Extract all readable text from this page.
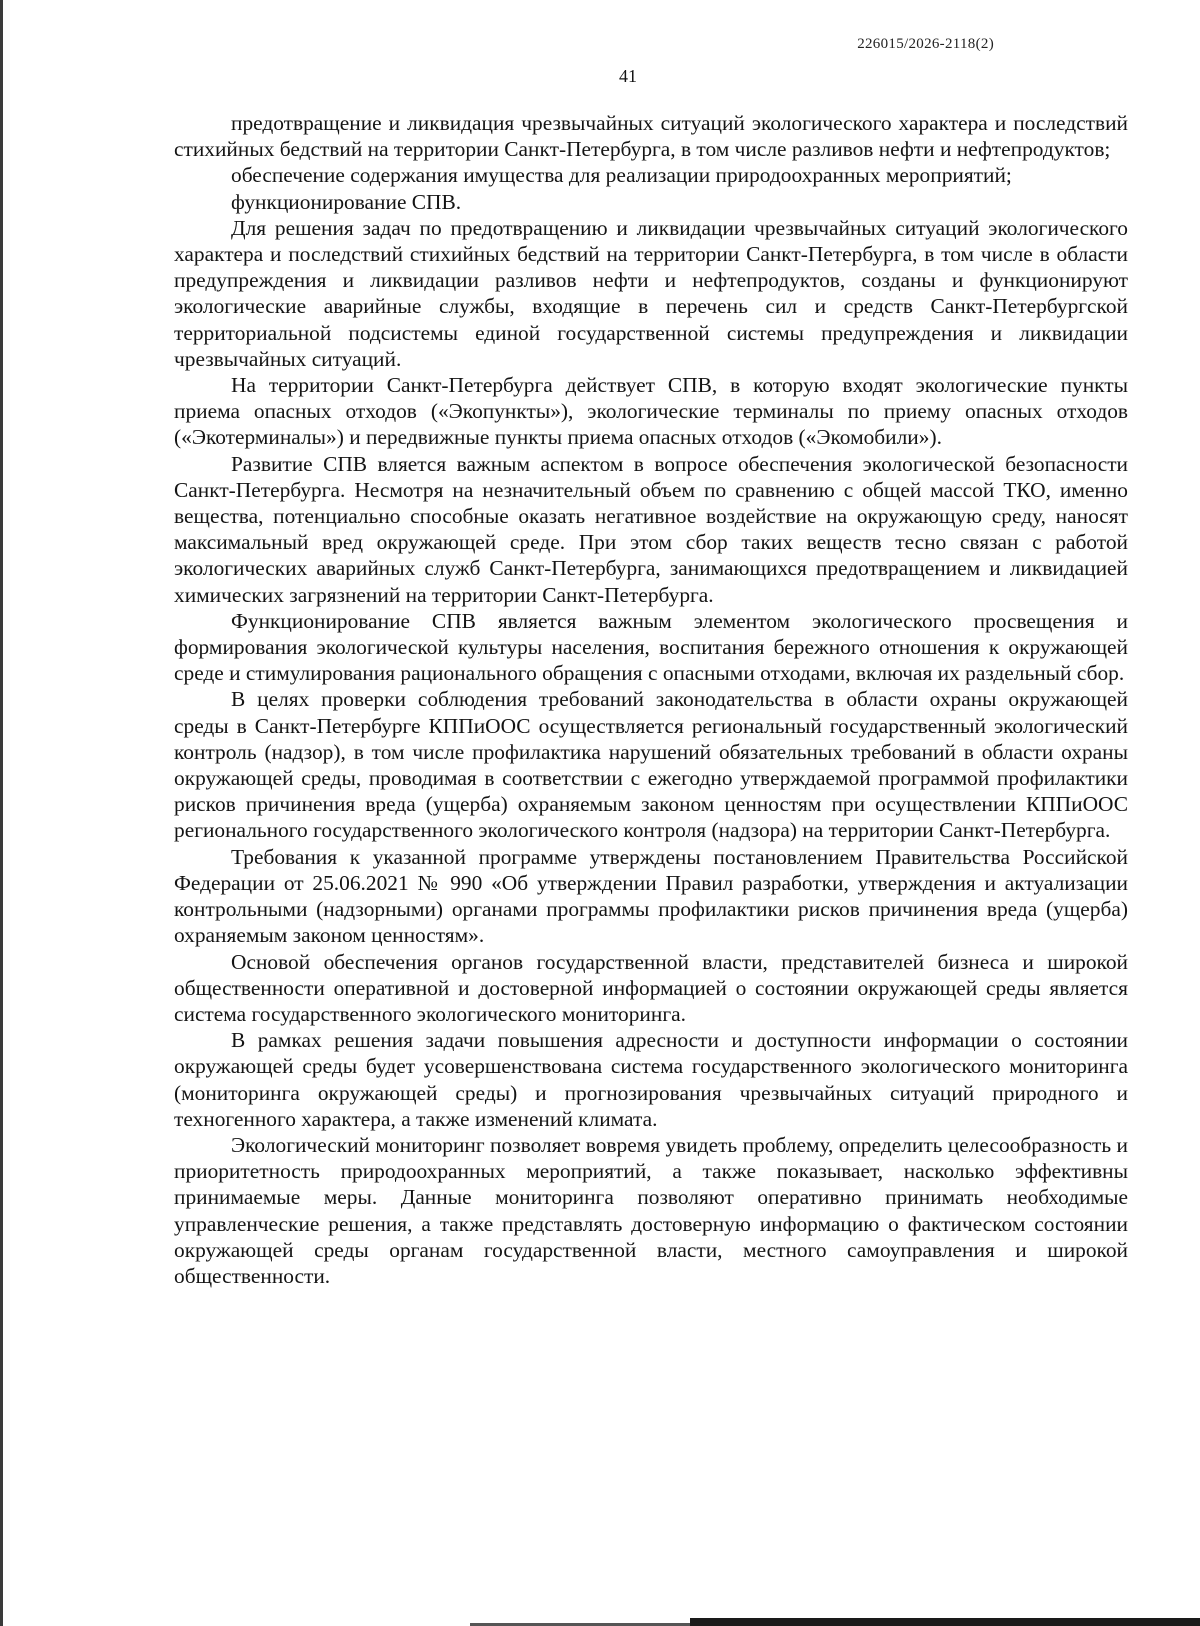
226015/2026-2118(2)
41

предотвращение и ликвидация чрезвычайных ситуаций экологического характера и последствий стихийных бедствий на территории Санкт-Петербурга, в том числе разливов нефти и нефтепродуктов;

обеспечение содержания имущества для реализации природоохранных мероприятий;

функционирование СПВ.

Для решения задач по предотвращению и ликвидации чрезвычайных ситуаций экологического характера и последствий стихийных бедствий на территории Санкт-Петербурга, в том числе в области предупреждения и ликвидации разливов нефти и нефтепродуктов, созданы и функционируют экологические аварийные службы, входящие в перечень сил и средств Санкт-Петербургской территориальной подсистемы единой государственной системы предупреждения и ликвидации чрезвычайных ситуаций.

На территории Санкт-Петербурга действует СПВ, в которую входят экологические пункты приема опасных отходов («Экопункты»), экологические терминалы по приему опасных отходов («Экотерминалы») и передвижные пункты приема опасных отходов («Экомобили»).

Развитие СПВ вляется важным аспектом в вопросе обеспечения экологической безопасности Санкт-Петербурга. Несмотря на незначительный объем по сравнению с общей массой ТКО, именно вещества, потенциально способные оказать негативное воздействие на окружающую среду, наносят максимальный вред окружающей среде. При этом сбор таких веществ тесно связан с работой экологических аварийных служб Санкт-Петербурга, занимающихся предотвращением и ликвидацией химических загрязнений на территории Санкт-Петербурга.

Функционирование СПВ является важным элементом экологического просвещения и формирования экологической культуры населения, воспитания бережного отношения к окружающей среде и стимулирования рационального обращения с опасными отходами, включая их раздельный сбор.

В целях проверки соблюдения требований законодательства в области охраны окружающей среды в Санкт-Петербурге КППиООС осуществляется региональный государственный экологический контроль (надзор), в том числе профилактика нарушений обязательных требований в области охраны окружающей среды, проводимая в соответствии с ежегодно утверждаемой программой профилактики рисков причинения вреда (ущерба) охраняемым законом ценностям при осуществлении КППиООС регионального государственного экологического контроля (надзора) на территории Санкт-Петербурга.

Требования к указанной программе утверждены постановлением Правительства Российской Федерации от 25.06.2021 № 990 «Об утверждении Правил разработки, утверждения и актуализации контрольными (надзорными) органами программы профилактики рисков причинения вреда (ущерба) охраняемым законом ценностям».

Основой обеспечения органов государственной власти, представителей бизнеса и широкой общественности оперативной и достоверной информацией о состоянии окружающей среды является система государственного экологического мониторинга.

В рамках решения задачи повышения адресности и доступности информации о состоянии окружающей среды будет усовершенствована система государственного экологического мониторинга (мониторинга окружающей среды) и прогнозирования чрезвычайных ситуаций природного и техногенного характера, а также изменений климата.

Экологический мониторинг позволяет вовремя увидеть проблему, определить целесообразность и приоритетность природоохранных мероприятий, а также показывает, насколько эффективны принимаемые меры. Данные мониторинга позволяют оперативно принимать необходимые управленческие решения, а также представлять достоверную информацию о фактическом состоянии окружающей среды органам государственной власти, местного самоуправления и широкой общественности.
